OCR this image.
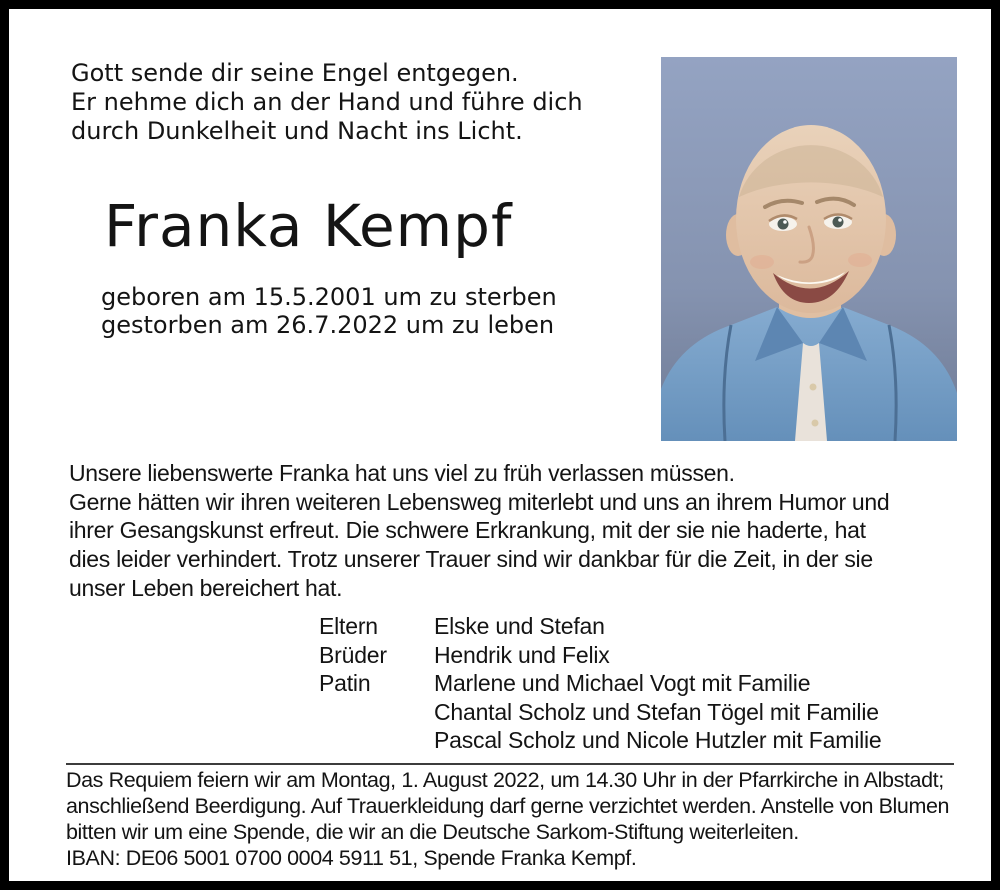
Gott sende dir seine Engel entgegen.
Er nehme dich an der Hand und führe dich
durch Dunkelheit und Nacht ins Licht.
Franka Kempf
geboren am 15.5.2001 um zu sterben
gestorben am 26.7.2022 um zu leben
Unsere liebenswerte Franka hat uns viel zu früh verlassen müssen.
Gerne hätten wir ihren weiteren Lebensweg miterlebt und uns an ihrem Humor und
ihrer Gesangskunst erfreut. Die schwere Erkrankung, mit der sie nie haderte, hat
dies leider verhindert. Trotz unserer Trauer sind wir dankbar für die Zeit, in der sie
unser Leben bereichert hat.
Eltern	Elske und Stefan
Brüder	Hendrik und Felix
Patin	Marlene und Michael Vogt mit Familie
Chantal Scholz und Stefan Tögel mit Familie
Pascal Scholz und Nicole Hutzler mit Familie
Das Requiem feiern wir am Montag, 1. August 2022, um 14.30 Uhr in der Pfarrkirche in Albstadt;
anschließend Beerdigung. Auf Trauerkleidung darf gerne verzichtet werden. Anstelle von Blumen
bitten wir um eine Spende, die wir an die Deutsche Sarkom-Stiftung weiterleiten.
IBAN: DE06 5001 0700 0004 5911 51, Spende Franka Kempf.
